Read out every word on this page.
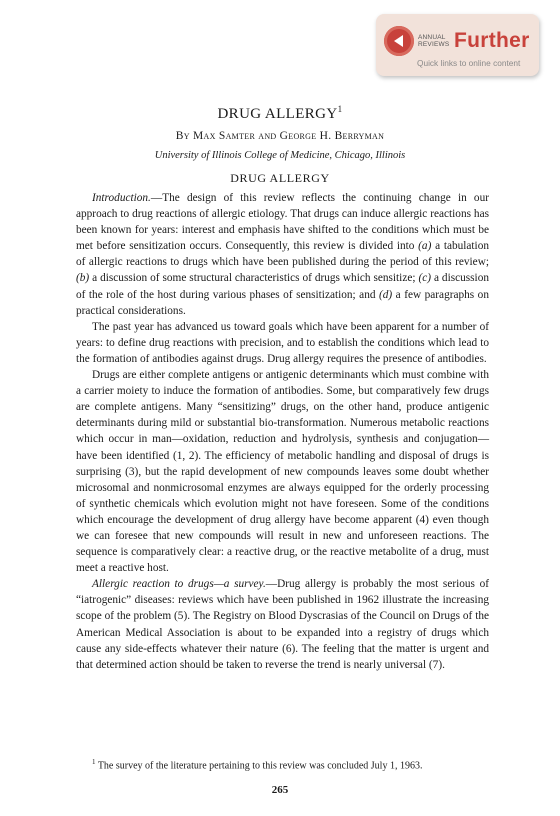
ANNUAL
REVIEWS Further
Quick links to online content
DRUG ALLERGY$^1$
By Max Samter and George H. Berryman
University of Illinois College of Medicine, Chicago, Illinois
DRUG ALLERGY

Introduction.—The design of this review reflects the continuing change in our approach to drug reactions of allergic etiology. That drugs can induce allergic reactions has been known for years: interest and emphasis have shifted to the conditions which must be met before sensitization occurs. Consequently, this review is divided into (a) a tabulation of allergic reactions to drugs which have been published during the period of this review; (b) a discussion of some structural characteristics of drugs which sensitize; (c) a discussion of the role of the host during various phases of sensitization; and (d) a few paragraphs on practical considerations.

The past year has advanced us toward goals which have been apparent for a number of years: to define drug reactions with precision, and to establish the conditions which lead to the formation of antibodies against drugs. Drug allergy requires the presence of antibodies.

Drugs are either complete antigens or antigenic determinants which must combine with a carrier moiety to induce the formation of antibodies. Some, but comparatively few drugs are complete antigens. Many “sensitizing” drugs, on the other hand, produce antigenic determinants during mild or substantial bio-transformation. Numerous metabolic reactions which occur in man—oxidation, reduction and hydrolysis, synthesis and conjugation—have been identified (1, 2). The efficiency of metabolic handling and disposal of drugs is surprising (3), but the rapid development of new compounds leaves some doubt whether microsomal and nonmicrosomal enzymes are always equipped for the orderly processing of synthetic chemicals which evolution might not have foreseen. Some of the conditions which encourage the development of drug allergy have become apparent (4) even though we can foresee that new compounds will result in new and unforeseen reactions. The sequence is comparatively clear: a reactive drug, or the reactive metabolite of a drug, must meet a reactive host.

Allergic reaction to drugs—a survey.—Drug allergy is probably the most serious of “iatrogenic” diseases: reviews which have been published in 1962 illustrate the increasing scope of the problem (5). The Registry on Blood Dyscrasias of the Council on Drugs of the American Medical Association is about to be expanded into a registry of drugs which cause any side-effects whatever their nature (6). The feeling that the matter is urgent and that determined action should be taken to reverse the trend is nearly universal (7).

$^1$ The survey of the literature pertaining to this review was concluded July 1, 1963.
265
